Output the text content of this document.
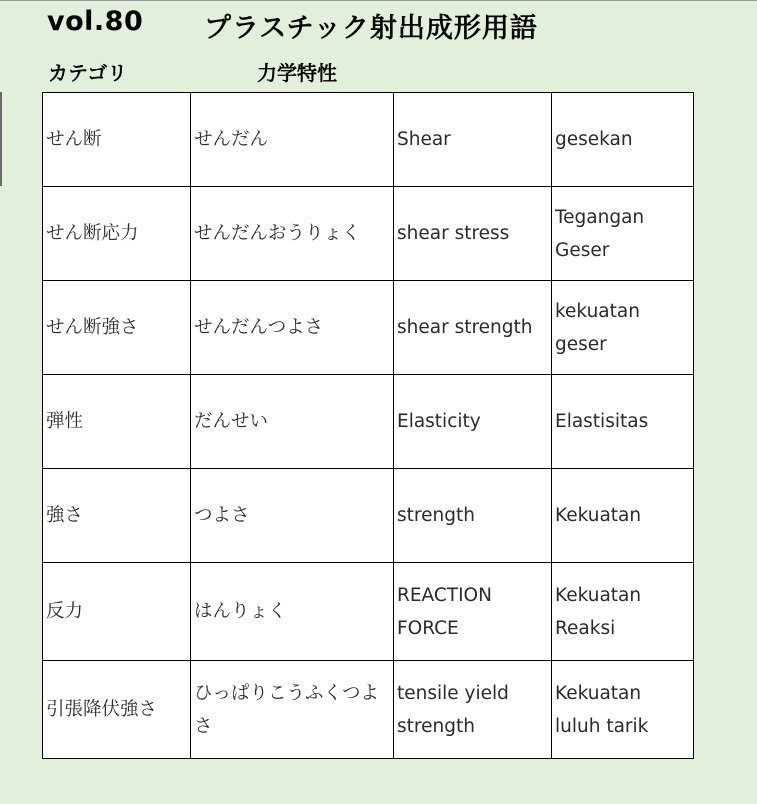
vol.80 プラスチック射出成形用語
カテゴリ	力学特性
せん断	せんだん	Shear	gesekan
せん断応力	せんだんおうりょく	shear stress	Tegangan Geser
せん断強さ	せんだんつよさ	shear strength	kekuatan geser
弾性	だんせい	Elasticity	Elastisitas
強さ	つよさ	strength	Kekuatan
反力	はんりょく	REACTION FORCE	Kekuatan Reaksi
引張降伏強さ	ひっぱりこうふくつよさ	tensile yield strength	Kekuatan luluh tarik
